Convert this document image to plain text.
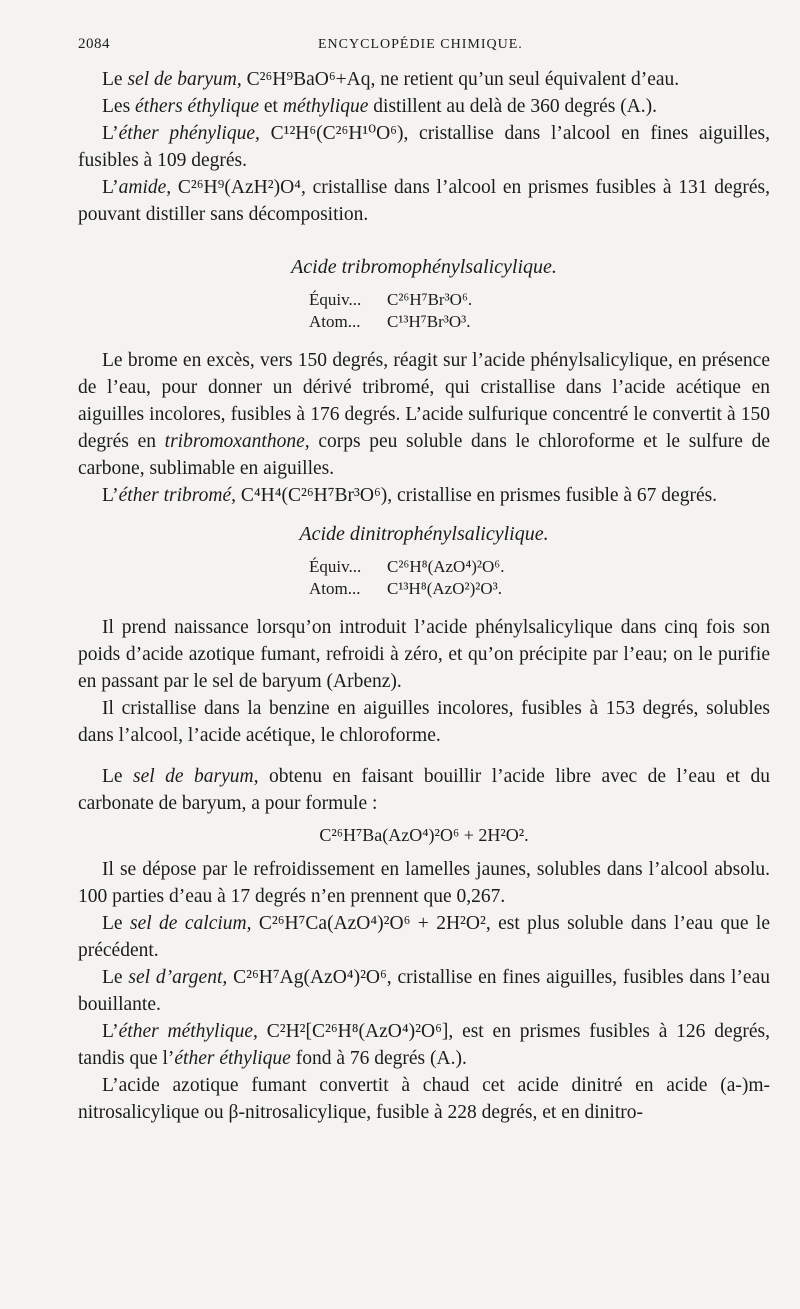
2084	ENCYCLOPÉDIE CHIMIQUE.

Le sel de baryum, C²⁶H⁹BaO⁶+Aq, ne retient qu’un seul équivalent d’eau.

Les éthers éthylique et méthylique distillent au delà de 360 degrés (A.).

L’éther phénylique, C¹²H⁶(C²⁶H¹⁰O⁶), cristallise dans l’alcool en fines aiguilles, fusibles à 109 degrés.

L’amide, C²⁶H⁹(AzH²)O⁴, cristallise dans l’alcool en prismes fusibles à 131 degrés, pouvant distiller sans décomposition.

Acide tribromophénylsalicylique.
Équiv...	C²⁶H⁷Br³O⁶.
Atom...	C¹³H⁷Br³O³.

Le brome en excès, vers 150 degrés, réagit sur l’acide phénylsalicylique, en présence de l’eau, pour donner un dérivé tribromé, qui cristallise dans l’acide acétique en aiguilles incolores, fusibles à 176 degrés. L’acide sulfurique concentré le convertit à 150 degrés en tribromoxanthone, corps peu soluble dans le chloroforme et le sulfure de carbone, sublimable en aiguilles.

L’éther tribromé, C⁴H⁴(C²⁶H⁷Br³O⁶), cristallise en prismes fusible à 67 degrés.

Acide dinitrophénylsalicylique.
Équiv...	C²⁶H⁸(AzO⁴)²O⁶.
Atom...	C¹³H⁸(AzO²)²O³.

Il prend naissance lorsqu’on introduit l’acide phénylsalicylique dans cinq fois son poids d’acide azotique fumant, refroidi à zéro, et qu’on précipite par l’eau; on le purifie en passant par le sel de baryum (Arbenz).

Il cristallise dans la benzine en aiguilles incolores, fusibles à 153 degrés, solubles dans l’alcool, l’acide acétique, le chloroforme.

Le sel de baryum, obtenu en faisant bouillir l’acide libre avec de l’eau et du carbonate de baryum, a pour formule :

C²⁶H⁷Ba(AzO⁴)²O⁶ + 2H²O².

Il se dépose par le refroidissement en lamelles jaunes, solubles dans l’alcool absolu. 100 parties d’eau à 17 degrés n’en prennent que 0,267.

Le sel de calcium, C²⁶H⁷Ca(AzO⁴)²O⁶ + 2H²O², est plus soluble dans l’eau que le précédent.

Le sel d’argent, C²⁶H⁷Ag(AzO⁴)²O⁶, cristallise en fines aiguilles, fusibles dans l’eau bouillante.

L’éther méthylique, C²H²[C²⁶H⁸(AzO⁴)²O⁶], est en prismes fusibles à 126 degrés, tandis que l’éther éthylique fond à 76 degrés (A.).

L’acide azotique fumant convertit à chaud cet acide dinitré en acide (a-)m-nitrosalicylique ou β-nitrosalicylique, fusible à 228 degrés, et en dinitro-
